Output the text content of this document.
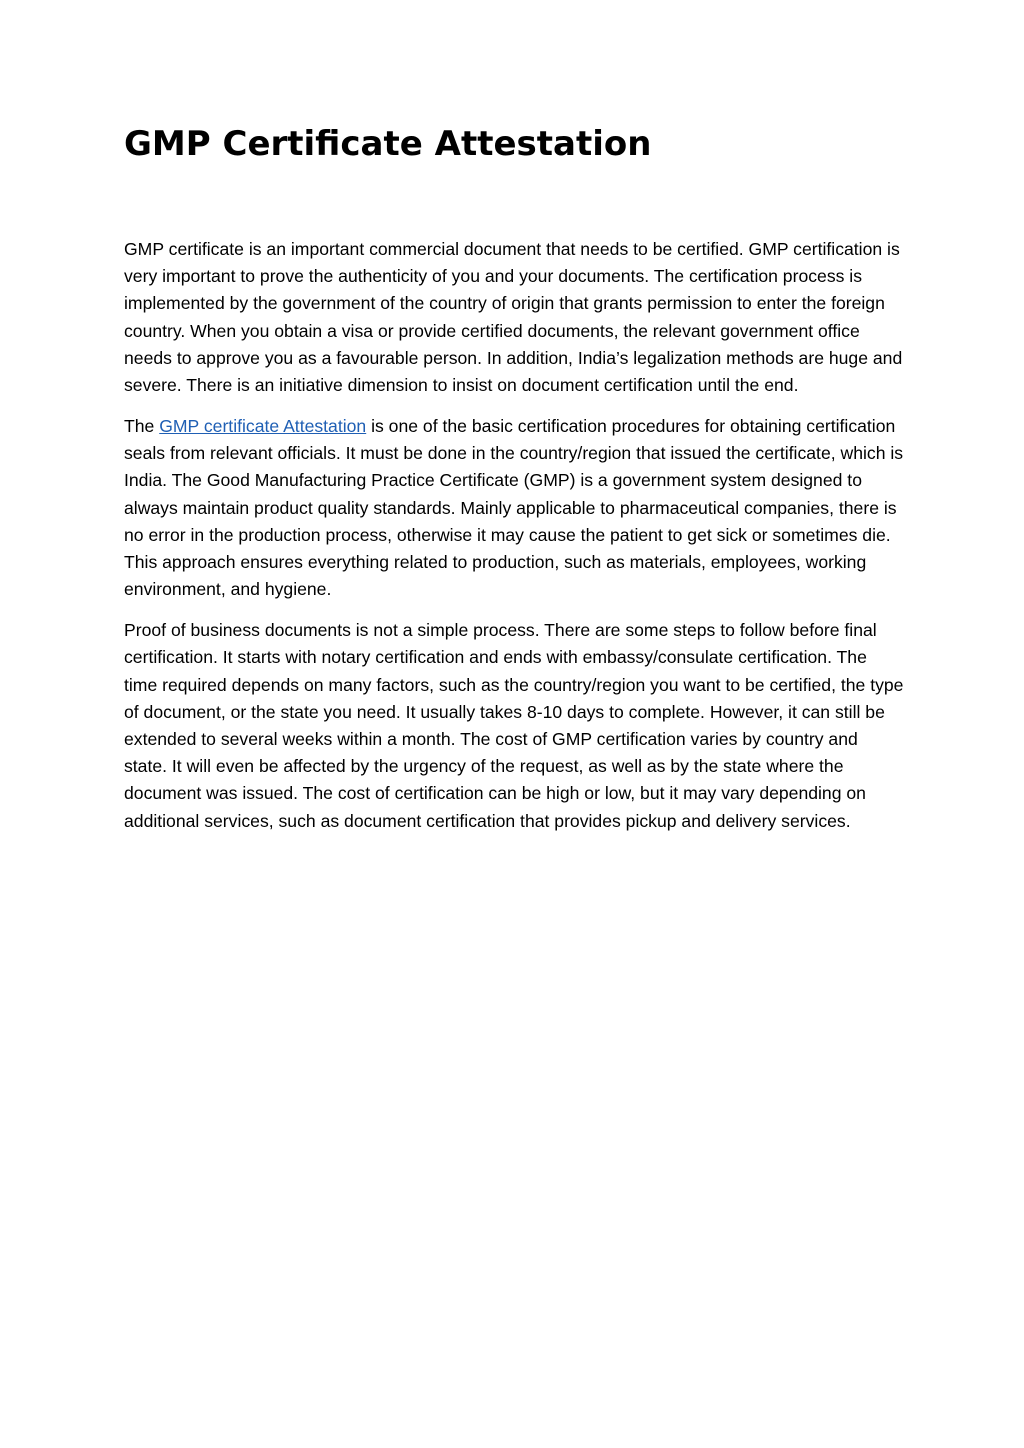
GMP Certificate Attestation

GMP certificate is an important commercial document that needs to be certified. GMP certification is very important to prove the authenticity of you and your documents. The certification process is implemented by the government of the country of origin that grants permission to enter the foreign country. When you obtain a visa or provide certified documents, the relevant government office needs to approve you as a favourable person. In addition, India’s legalization methods are huge and severe. There is an initiative dimension to insist on document certification until the end.

The GMP certificate Attestation is one of the basic certification procedures for obtaining certification seals from relevant officials. It must be done in the country/region that issued the certificate, which is India. The Good Manufacturing Practice Certificate (GMP) is a government system designed to always maintain product quality standards. Mainly applicable to pharmaceutical companies, there is no error in the production process, otherwise it may cause the patient to get sick or sometimes die. This approach ensures everything related to production, such as materials, employees, working environment, and hygiene.

Proof of business documents is not a simple process. There are some steps to follow before final certification. It starts with notary certification and ends with embassy/consulate certification. The time required depends on many factors, such as the country/region you want to be certified, the type of document, or the state you need. It usually takes 8-10 days to complete. However, it can still be extended to several weeks within a month. The cost of GMP certification varies by country and state. It will even be affected by the urgency of the request, as well as by the state where the document was issued. The cost of certification can be high or low, but it may vary depending on additional services, such as document certification that provides pickup and delivery services.
